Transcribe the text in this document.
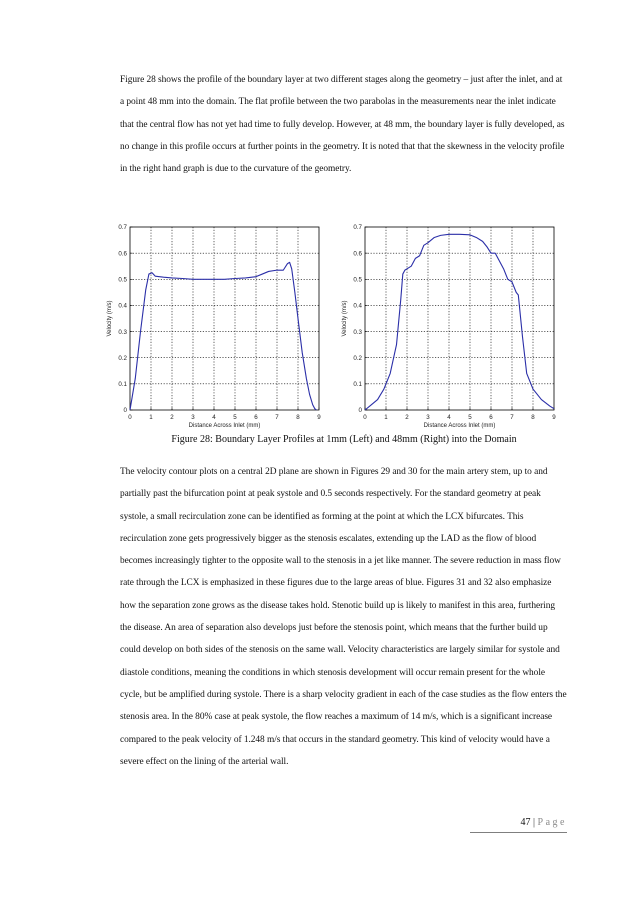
Figure 28 shows the profile of the boundary layer at two different stages along the geometry – just after the inlet, and at a point 48 mm into the domain. The flat profile between the two parabolas in the measurements near the inlet indicate that the central flow has not yet had time to fully develop. However, at 48 mm, the boundary layer is fully developed, as no change in this profile occurs at further points in the geometry. It is noted that that the skewness in the velocity profile in the right hand graph is due to the curvature of the geometry.

0	1	2	3	4	5	6	7	8	9
0
0.1
0.2
0.3
0.4
0.5
0.6
0.7
Distance Across Inlet (mm)
Velocity (m/s)
0	1	2	3	4	5	6	7	8	9
0
0.1
0.2
0.3
0.4
0.5
0.6
0.7
Distance Across Inlet (mm)
Velocity (m/s)
Figure 28: Boundary Layer Profiles at 1mm (Left) and 48mm (Right) into the Domain

The velocity contour plots on a central 2D plane are shown in Figures 29 and 30 for the main artery stem, up to and partially past the bifurcation point at peak systole and 0.5 seconds respectively. For the standard geometry at peak systole, a small recirculation zone can be identified as forming at the point at which the LCX bifurcates. This recirculation zone gets progressively bigger as the stenosis escalates, extending up the LAD as the flow of blood becomes increasingly tighter to the opposite wall to the stenosis in a jet like manner. The severe reduction in mass flow rate through the LCX is emphasized in these figures due to the large areas of blue. Figures 31 and 32 also emphasize how the separation zone grows as the disease takes hold. Stenotic build up is likely to manifest in this area, furthering the disease. An area of separation also develops just before the stenosis point, which means that the further build up could develop on both sides of the stenosis on the same wall. Velocity characteristics are largely similar for systole and diastole conditions, meaning the conditions in which stenosis development will occur remain present for the whole cycle, but be amplified during systole. There is a sharp velocity gradient in each of the case studies as the flow enters the stenosis area. In the 80% case at peak systole, the flow reaches a maximum of 14 m/s, which is a significant increase compared to the peak velocity of 1.248 m/s that occurs in the standard geometry. This kind of velocity would have a severe effect on the lining of the arterial wall.

47 | Page
